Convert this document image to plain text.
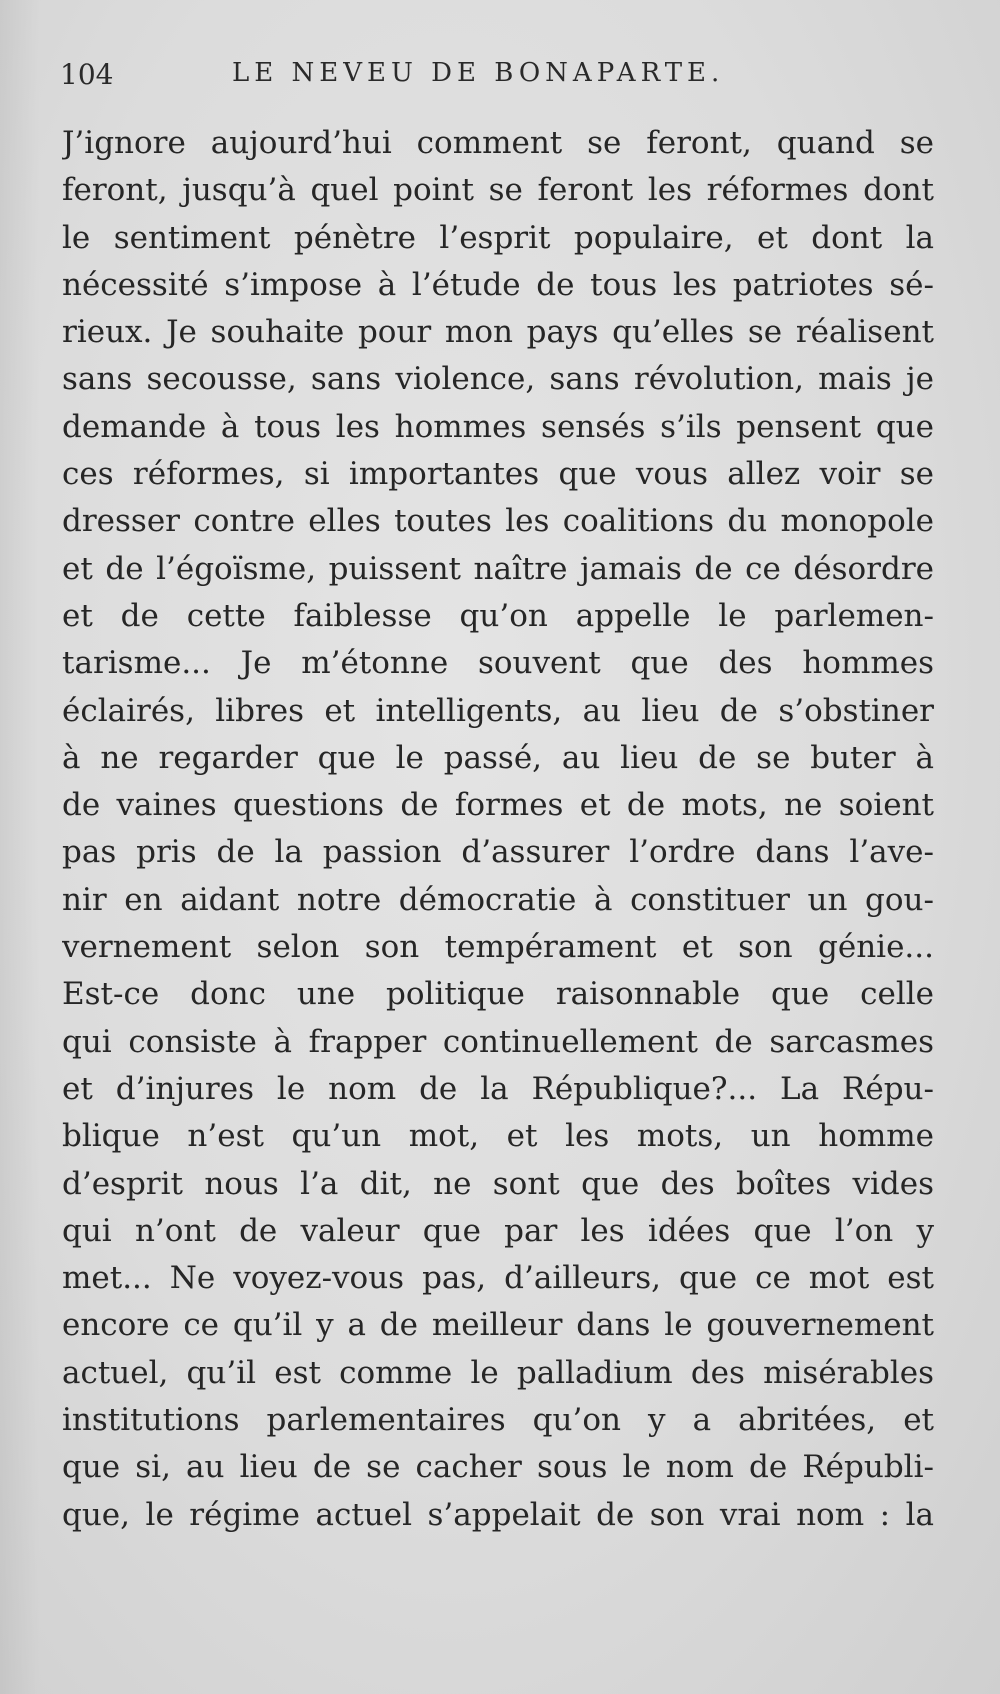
104	LE NEVEU DE BONAPARTE.
J’ignore aujourd’hui comment se feront, quand se
feront, jusqu’à quel point se feront les réformes dont
le sentiment pénètre l’esprit populaire, et dont la
nécessité s’impose à l’étude de tous les patriotes sé-
rieux. Je souhaite pour mon pays qu’elles se réalisent
sans secousse, sans violence, sans révolution, mais je
demande à tous les hommes sensés s’ils pensent que
ces réformes, si importantes que vous allez voir se
dresser contre elles toutes les coalitions du monopole
et de l’égoïsme, puissent naître jamais de ce désordre
et de cette faiblesse qu’on appelle le parlemen-
tarisme... Je m’étonne souvent que des hommes
éclairés, libres et intelligents, au lieu de s’obstiner
à ne regarder que le passé, au lieu de se buter à
de vaines questions de formes et de mots, ne soient
pas pris de la passion d’assurer l’ordre dans l’ave-
nir en aidant notre démocratie à constituer un gou-
vernement selon son tempérament et son génie...
Est-ce donc une politique raisonnable que celle
qui consiste à frapper continuellement de sarcasmes
et d’injures le nom de la République?... La Répu-
blique n’est qu’un mot, et les mots, un homme
d’esprit nous l’a dit, ne sont que des boîtes vides
qui n’ont de valeur que par les idées que l’on y
met... Ne voyez-vous pas, d’ailleurs, que ce mot est
encore ce qu’il y a de meilleur dans le gouvernement
actuel, qu’il est comme le palladium des misérables
institutions parlementaires qu’on y a abritées, et
que si, au lieu de se cacher sous le nom de Républi-
que, le régime actuel s’appelait de son vrai nom : la
